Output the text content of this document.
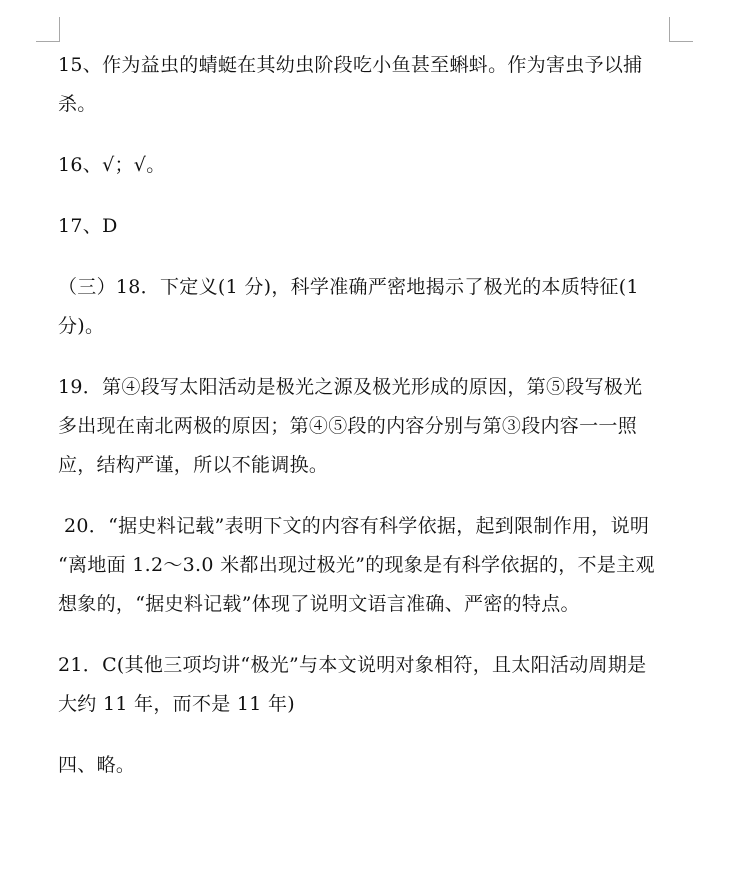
15、作为益虫的蜻蜓在其幼虫阶段吃小鱼甚至蝌蚪。作为害虫予以捕
杀。
16、√；√。
17、D
（三）18．下定义(1 分)，科学准确严密地揭示了极光的本质特征(1
分)。
19．第④段写太阳活动是极光之源及极光形成的原因，第⑤段写极光
多出现在南北两极的原因；第④⑤段的内容分别与第③段内容一一照
应，结构严谨，所以不能调换。
20．“据史料记载”表明下文的内容有科学依据，起到限制作用，说明
“离地面 1.2～3.0 米都出现过极光”的现象是有科学依据的，不是主观
想象的，“据史料记载”体现了说明文语言准确、严密的特点。
21．C(其他三项均讲“极光”与本文说明对象相符，且太阳活动周期是
大约 11 年，而不是 11 年)
四、略。
